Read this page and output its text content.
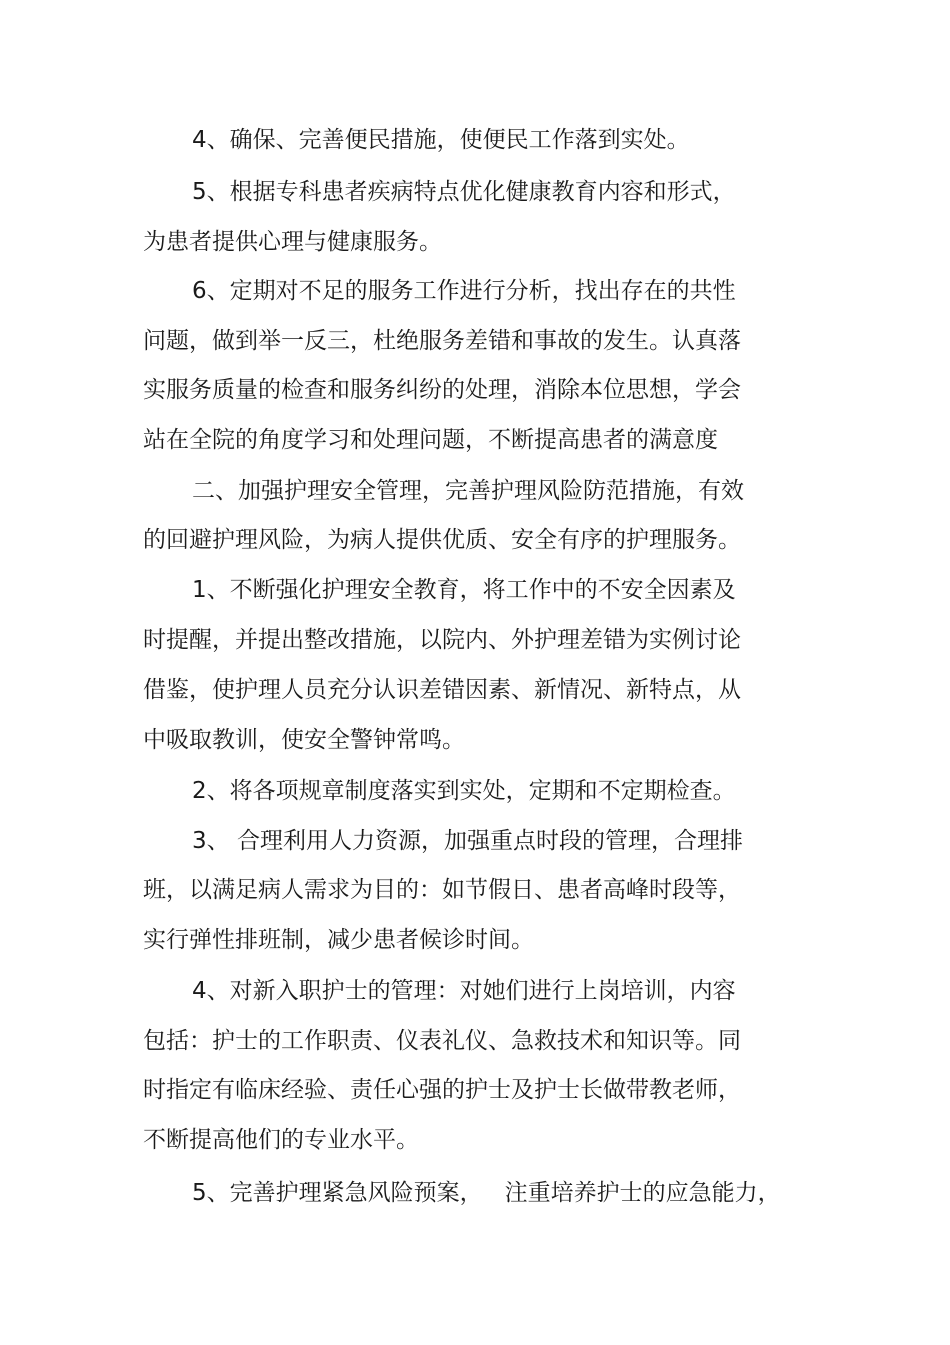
4、确保、完善便民措施，使便民工作落到实处。
5、根据专科患者疾病特点优化健康教育内容和形式，
为患者提供心理与健康服务。
6、定期对不足的服务工作进行分析，找出存在的共性
问题，做到举一反三，杜绝服务差错和事故的发生。认真落
实服务质量的检查和服务纠纷的处理，消除本位思想，学会
站在全院的角度学习和处理问题，不断提高患者的满意度
二、加强护理安全管理，完善护理风险防范措施，有效
的回避护理风险，为病人提供优质、安全有序的护理服务。
1、不断强化护理安全教育，将工作中的不安全因素及
时提醒，并提出整改措施，以院内、外护理差错为实例讨论
借鉴，使护理人员充分认识差错因素、新情况、新特点，从
中吸取教训，使安全警钟常鸣。
2、将各项规章制度落实到实处，定期和不定期检查。
3、 合理利用人力资源，加强重点时段的管理，合理排
班，以满足病人需求为目的：如节假日、患者高峰时段等，
实行弹性排班制，减少患者候诊时间。
4、对新入职护士的管理：对她们进行上岗培训，内容
包括：护士的工作职责、仪表礼仪、急救技术和知识等。同
时指定有临床经验、责任心强的护士及护士长做带教老师，
不断提高他们的专业水平。
5、完善护理紧急风险预案，   注重培养护士的应急能力，
